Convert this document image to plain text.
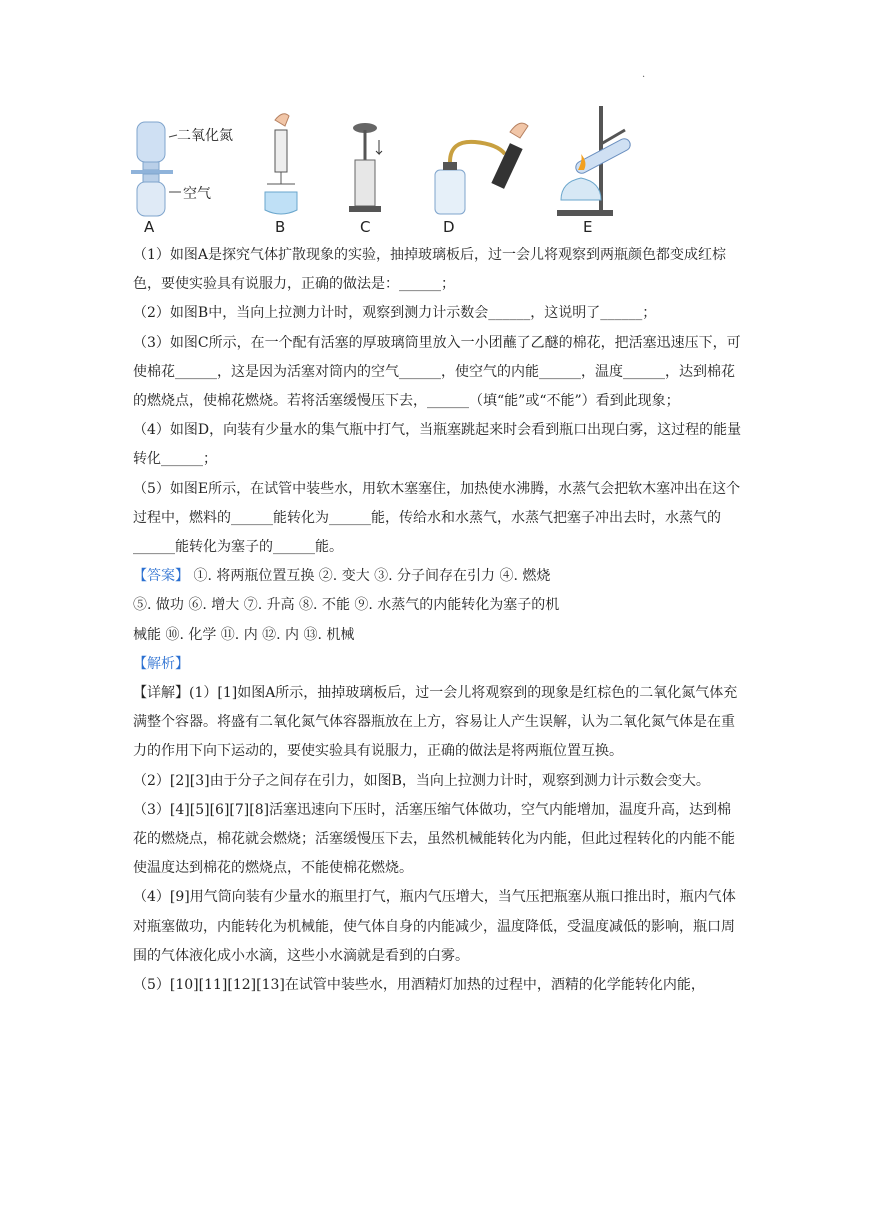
·
二氧化氮
空气
A	B	C	D	E

（1）如图A是探究气体扩散现象的实验，抽掉玻璃板后，过一会儿将观察到两瓶颜色都变成红棕色，要使实验具有说服力，正确的做法是：______；

（2）如图B中，当向上拉测力计时，观察到测力计示数会______，这说明了______；

（3）如图C所示，在一个配有活塞的厚玻璃筒里放入一小团蘸了乙醚的棉花，把活塞迅速压下，可使棉花______，这是因为活塞对筒内的空气______，使空气的内能______，温度______，达到棉花的燃烧点，使棉花燃烧。若将活塞缓慢压下去，______（填“能”或“不能”）看到此现象；

（4）如图D，向装有少量水的集气瓶中打气，当瓶塞跳起来时会看到瓶口出现白雾，这过程的能量转化______；

（5）如图E所示，在试管中装些水，用软木塞塞住，加热使水沸腾，水蒸气会把软木塞冲出在这个过程中，燃料的______能转化为______能，传给水和水蒸气，水蒸气把塞子冲出去时，水蒸气的______能转化为塞子的______能。

【答案】 ①. 将两瓶位置互换 ②. 变大 ③. 分子间存在引力 ④. 燃烧

⑤. 做功 ⑥. 增大 ⑦. 升高 ⑧. 不能 ⑨. 水蒸气的内能转化为塞子的机

械能 ⑩. 化学 ⑪. 内 ⑫. 内 ⑬. 机械

【解析】

【详解】(1）[1]如图A所示，抽掉玻璃板后，过一会儿将观察到的现象是红棕色的二氧化氮气体充满整个容器。将盛有二氧化氮气体容器瓶放在上方，容易让人产生误解，认为二氧化氮气体是在重力的作用下向下运动的，要使实验具有说服力，正确的做法是将两瓶位置互换。

（2）[2][3]由于分子之间存在引力，如图B，当向上拉测力计时，观察到测力计示数会变大。

（3）[4][5][6][7][8]活塞迅速向下压时，活塞压缩气体做功，空气内能增加，温度升高，达到棉花的燃烧点，棉花就会燃烧；活塞缓慢压下去，虽然机械能转化为内能，但此过程转化的内能不能使温度达到棉花的燃烧点，不能使棉花燃烧。

（4）[9]用气筒向装有少量水的瓶里打气，瓶内气压增大，当气压把瓶塞从瓶口推出时，瓶内气体对瓶塞做功，内能转化为机械能，使气体自身的内能减少，温度降低，受温度减低的影响，瓶口周围的气体液化成小水滴，这些小水滴就是看到的白雾。

（5）[10][11][12][13]在试管中装些水，用酒精灯加热的过程中，酒精的化学能转化内能，
